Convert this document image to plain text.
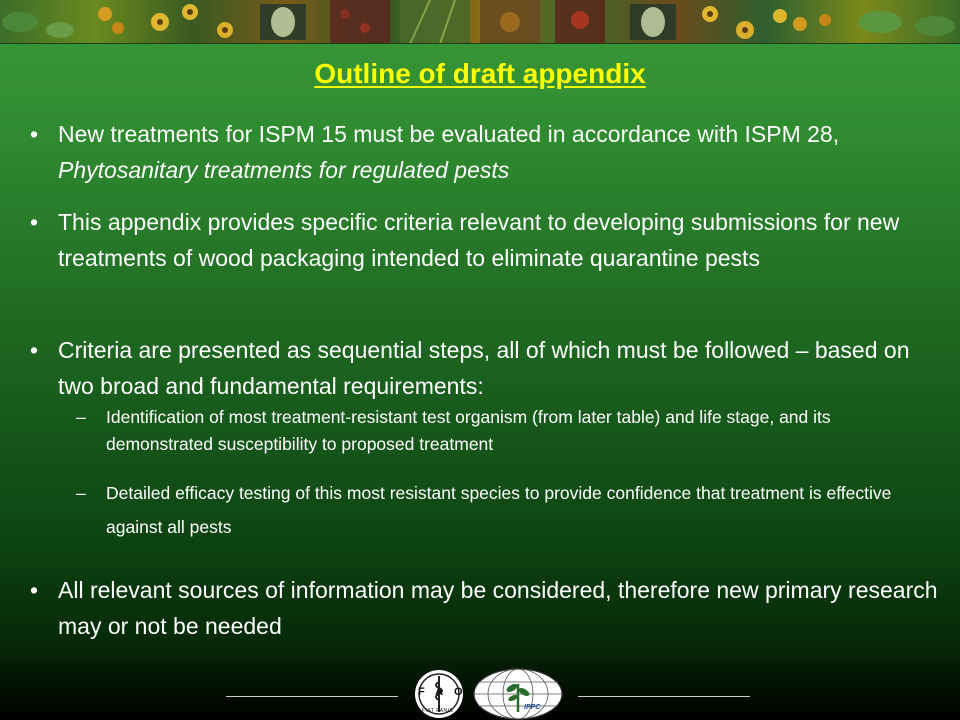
Outline of draft appendix
• New treatments for ISPM 15 must be evaluated in accordance with ISPM 28, Phytosanitary treatments for regulated pests
• This appendix provides specific criteria relevant to developing submissions for new treatments of wood packaging intended to eliminate quarantine pests
• Criteria are presented as sequential steps, all of which must be followed – based on two broad and fundamental requirements:
– Identification of most treatment-resistant test organism (from later table) and life stage, and its demonstrated susceptibility to proposed treatment
– Detailed efficacy testing of this most resistant species to provide confidence that treatment is effective against all pests
• All relevant sources of information may be considered, therefore new primary research may or not be needed
FAO
FIAT PANIS	IPPC
